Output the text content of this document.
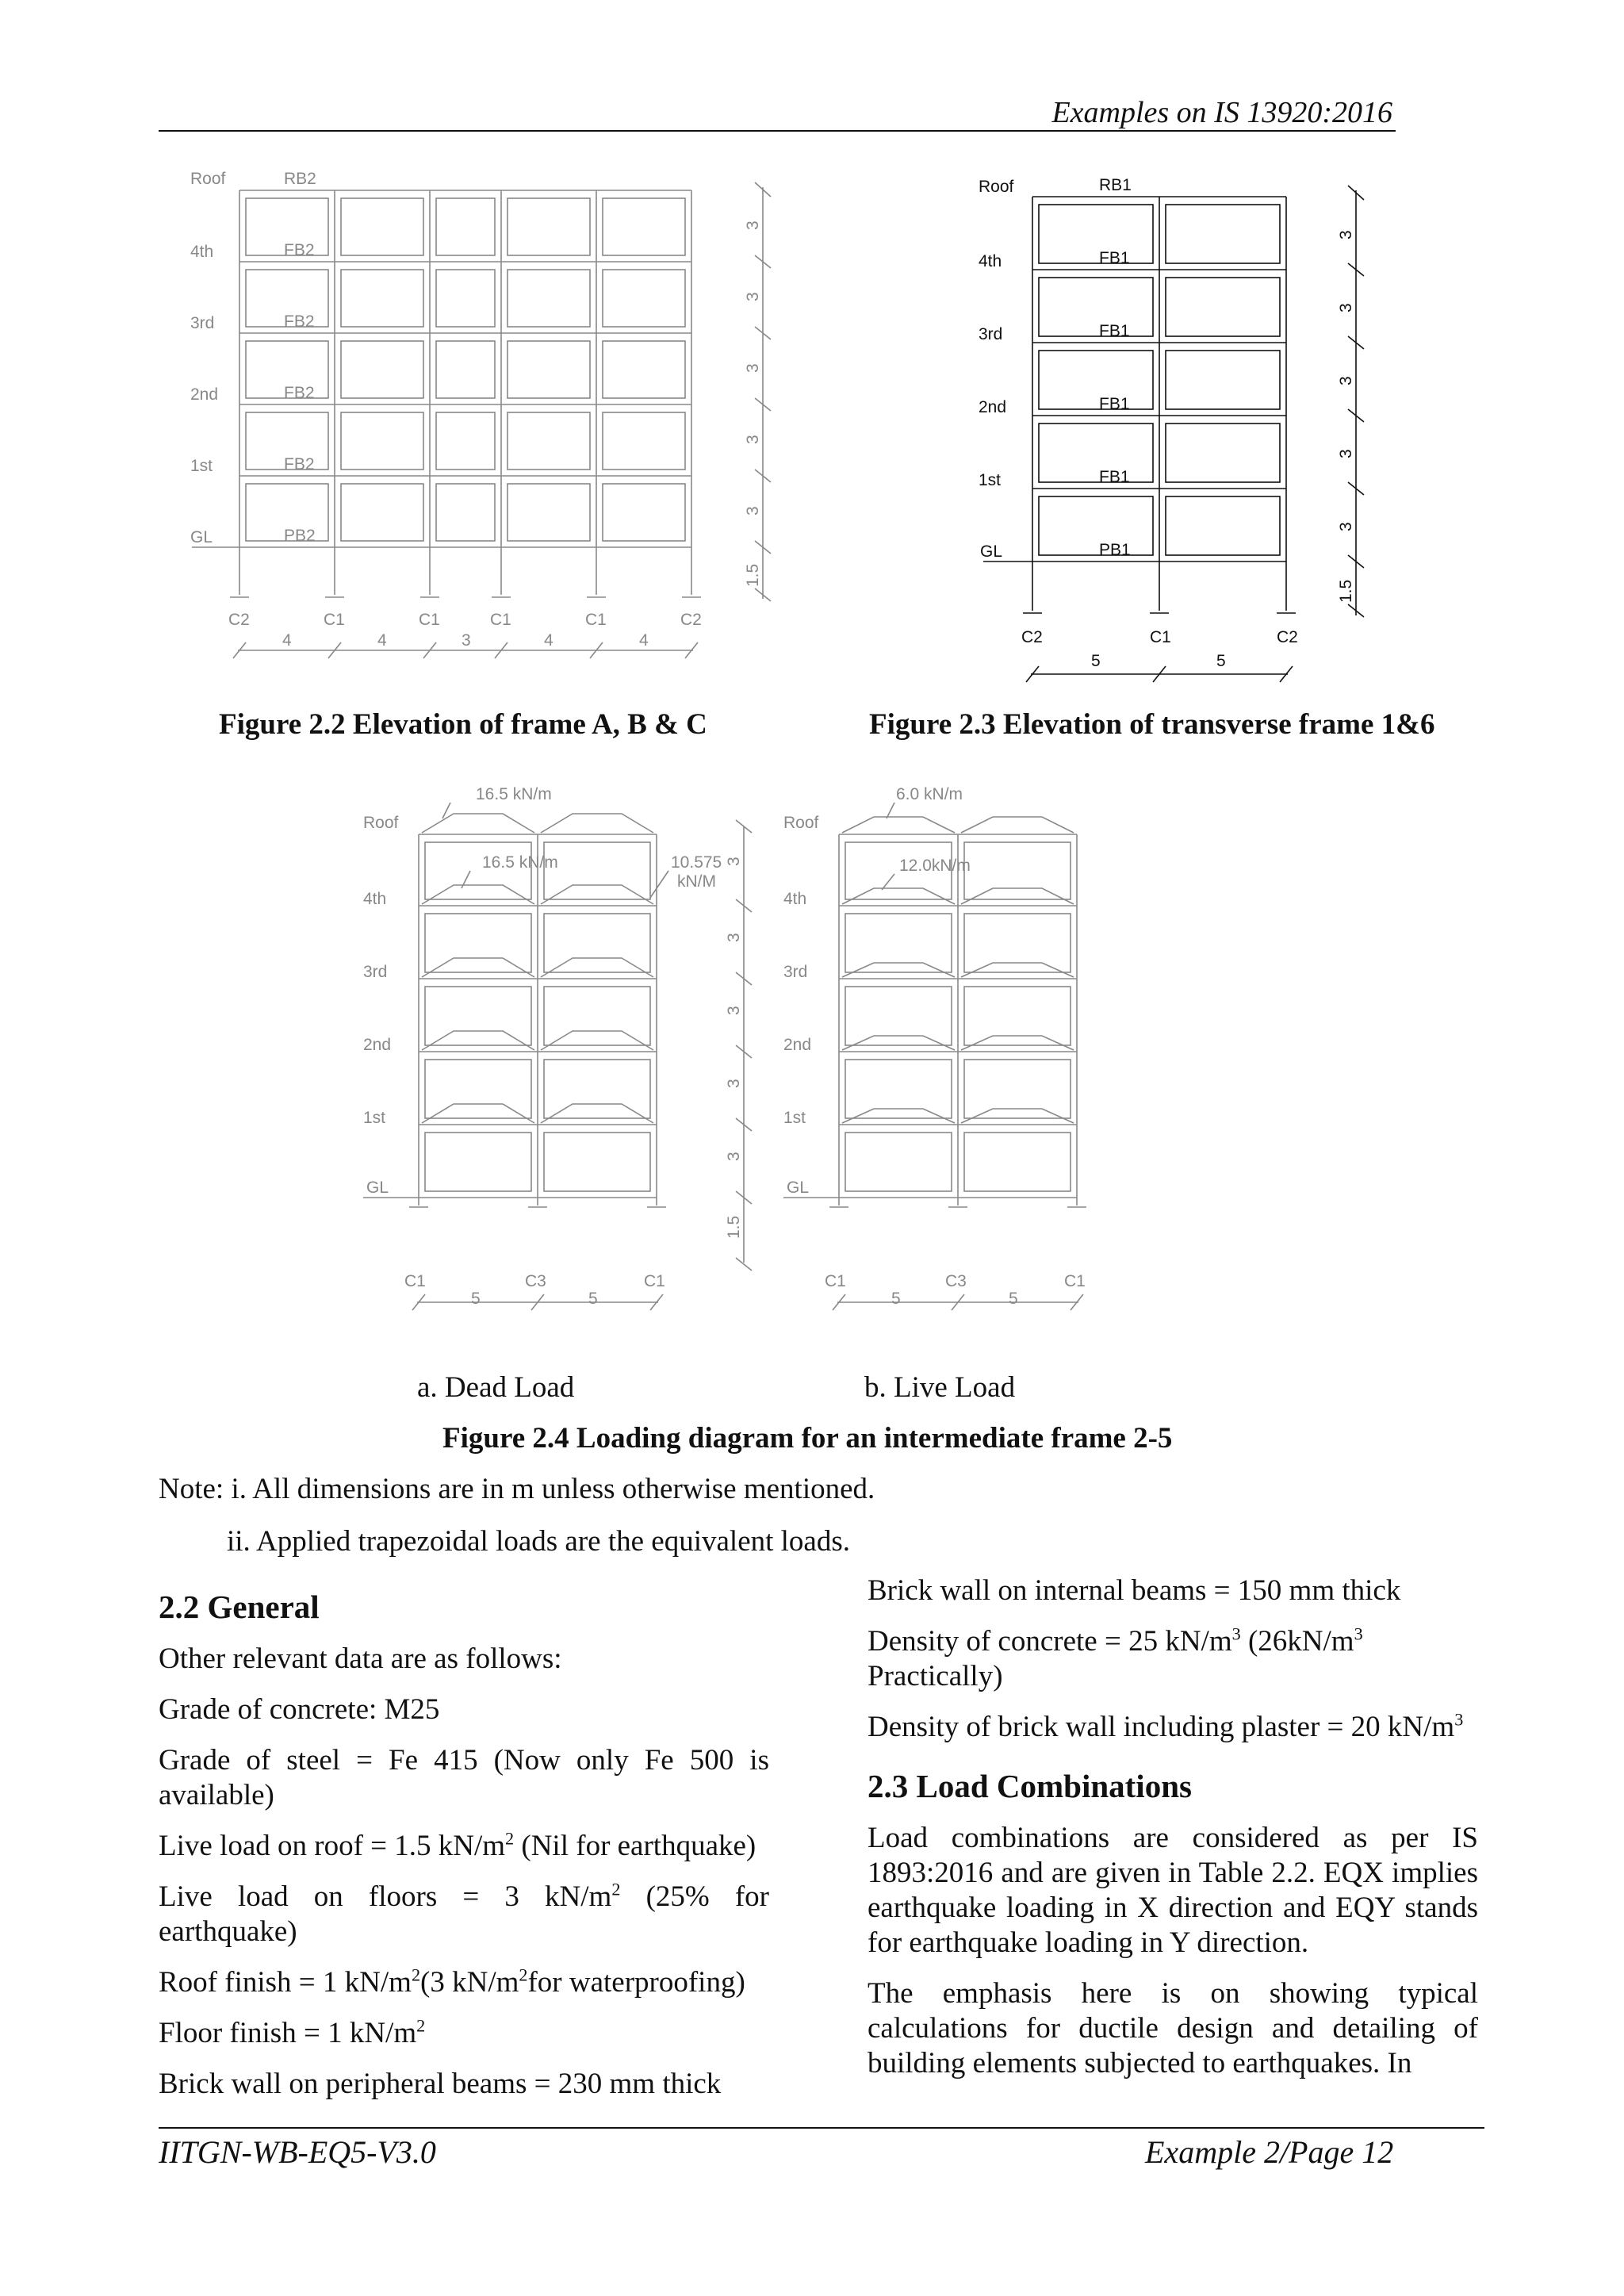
Examples on IS 13920:2016
Roof
4th
3rd
2nd
1st
GL
RB2
FB2
FB2
FB2
FB2
PB2
C2	C1	C1	C1	C1	C2
4	4	3	4	4
3
3
3
3
3
1.5
Figure 2.2 Elevation of frame A, B & C
Roof
4th
3rd
2nd
1st
GL
RB1
FB1
FB1
FB1
FB1
PB1
C2	C1	C2
5	5
3
3
3
3
3
1.5
Figure 2.3 Elevation of transverse frame 1&6
Roof
4th
3rd
2nd
1st
GL
16.5 kN/m
16.5 kN/m	10.575
kN/M
C1	C3	C1
5	5
3
3
3
3
3
1.5
Roof
4th
3rd
2nd
1st
GL
6.0 kN/m
12.0kN/m
C1	C3	C1
5	5
a. Dead Load	b. Live Load
Figure 2.4 Loading diagram for an intermediate frame 2-5
Note: i. All dimensions are in m unless otherwise mentioned.
ii. Applied trapezoidal loads are the equivalent loads.
2.2 General

Other relevant data are as follows:

Grade of concrete: M25

Grade of steel = Fe 415 (Now only Fe 500 is available)

Live load on roof = 1.5 $kN/m^2$ (Nil for earthquake)

Live load on floors = 3 $kN/m^2$ (25% for earthquake)

Roof finish = 1 $kN/m^2(3$ $kN/m^2for$ waterproofing)

Floor finish = 1 $kN/m^2$

Brick wall on peripheral beams = 230 mm thick

Brick wall on internal beams = 150 mm thick

Density of concrete = 25 $kN/m^3$ ($26kN/m^3$ Practically)

Density of brick wall including plaster = 20 $kN/m^3$

2.3 Load Combinations

Load combinations are considered as per IS 1893:2016 and are given in Table 2.2. EQX implies earthquake loading in X direction and EQY stands for earthquake loading in Y direction.

The emphasis here is on showing typical calculations for ductile design and detailing of building elements subjected to earthquakes. In

IITGN-WB-EQ5-V3.0	Example 2/Page 12
